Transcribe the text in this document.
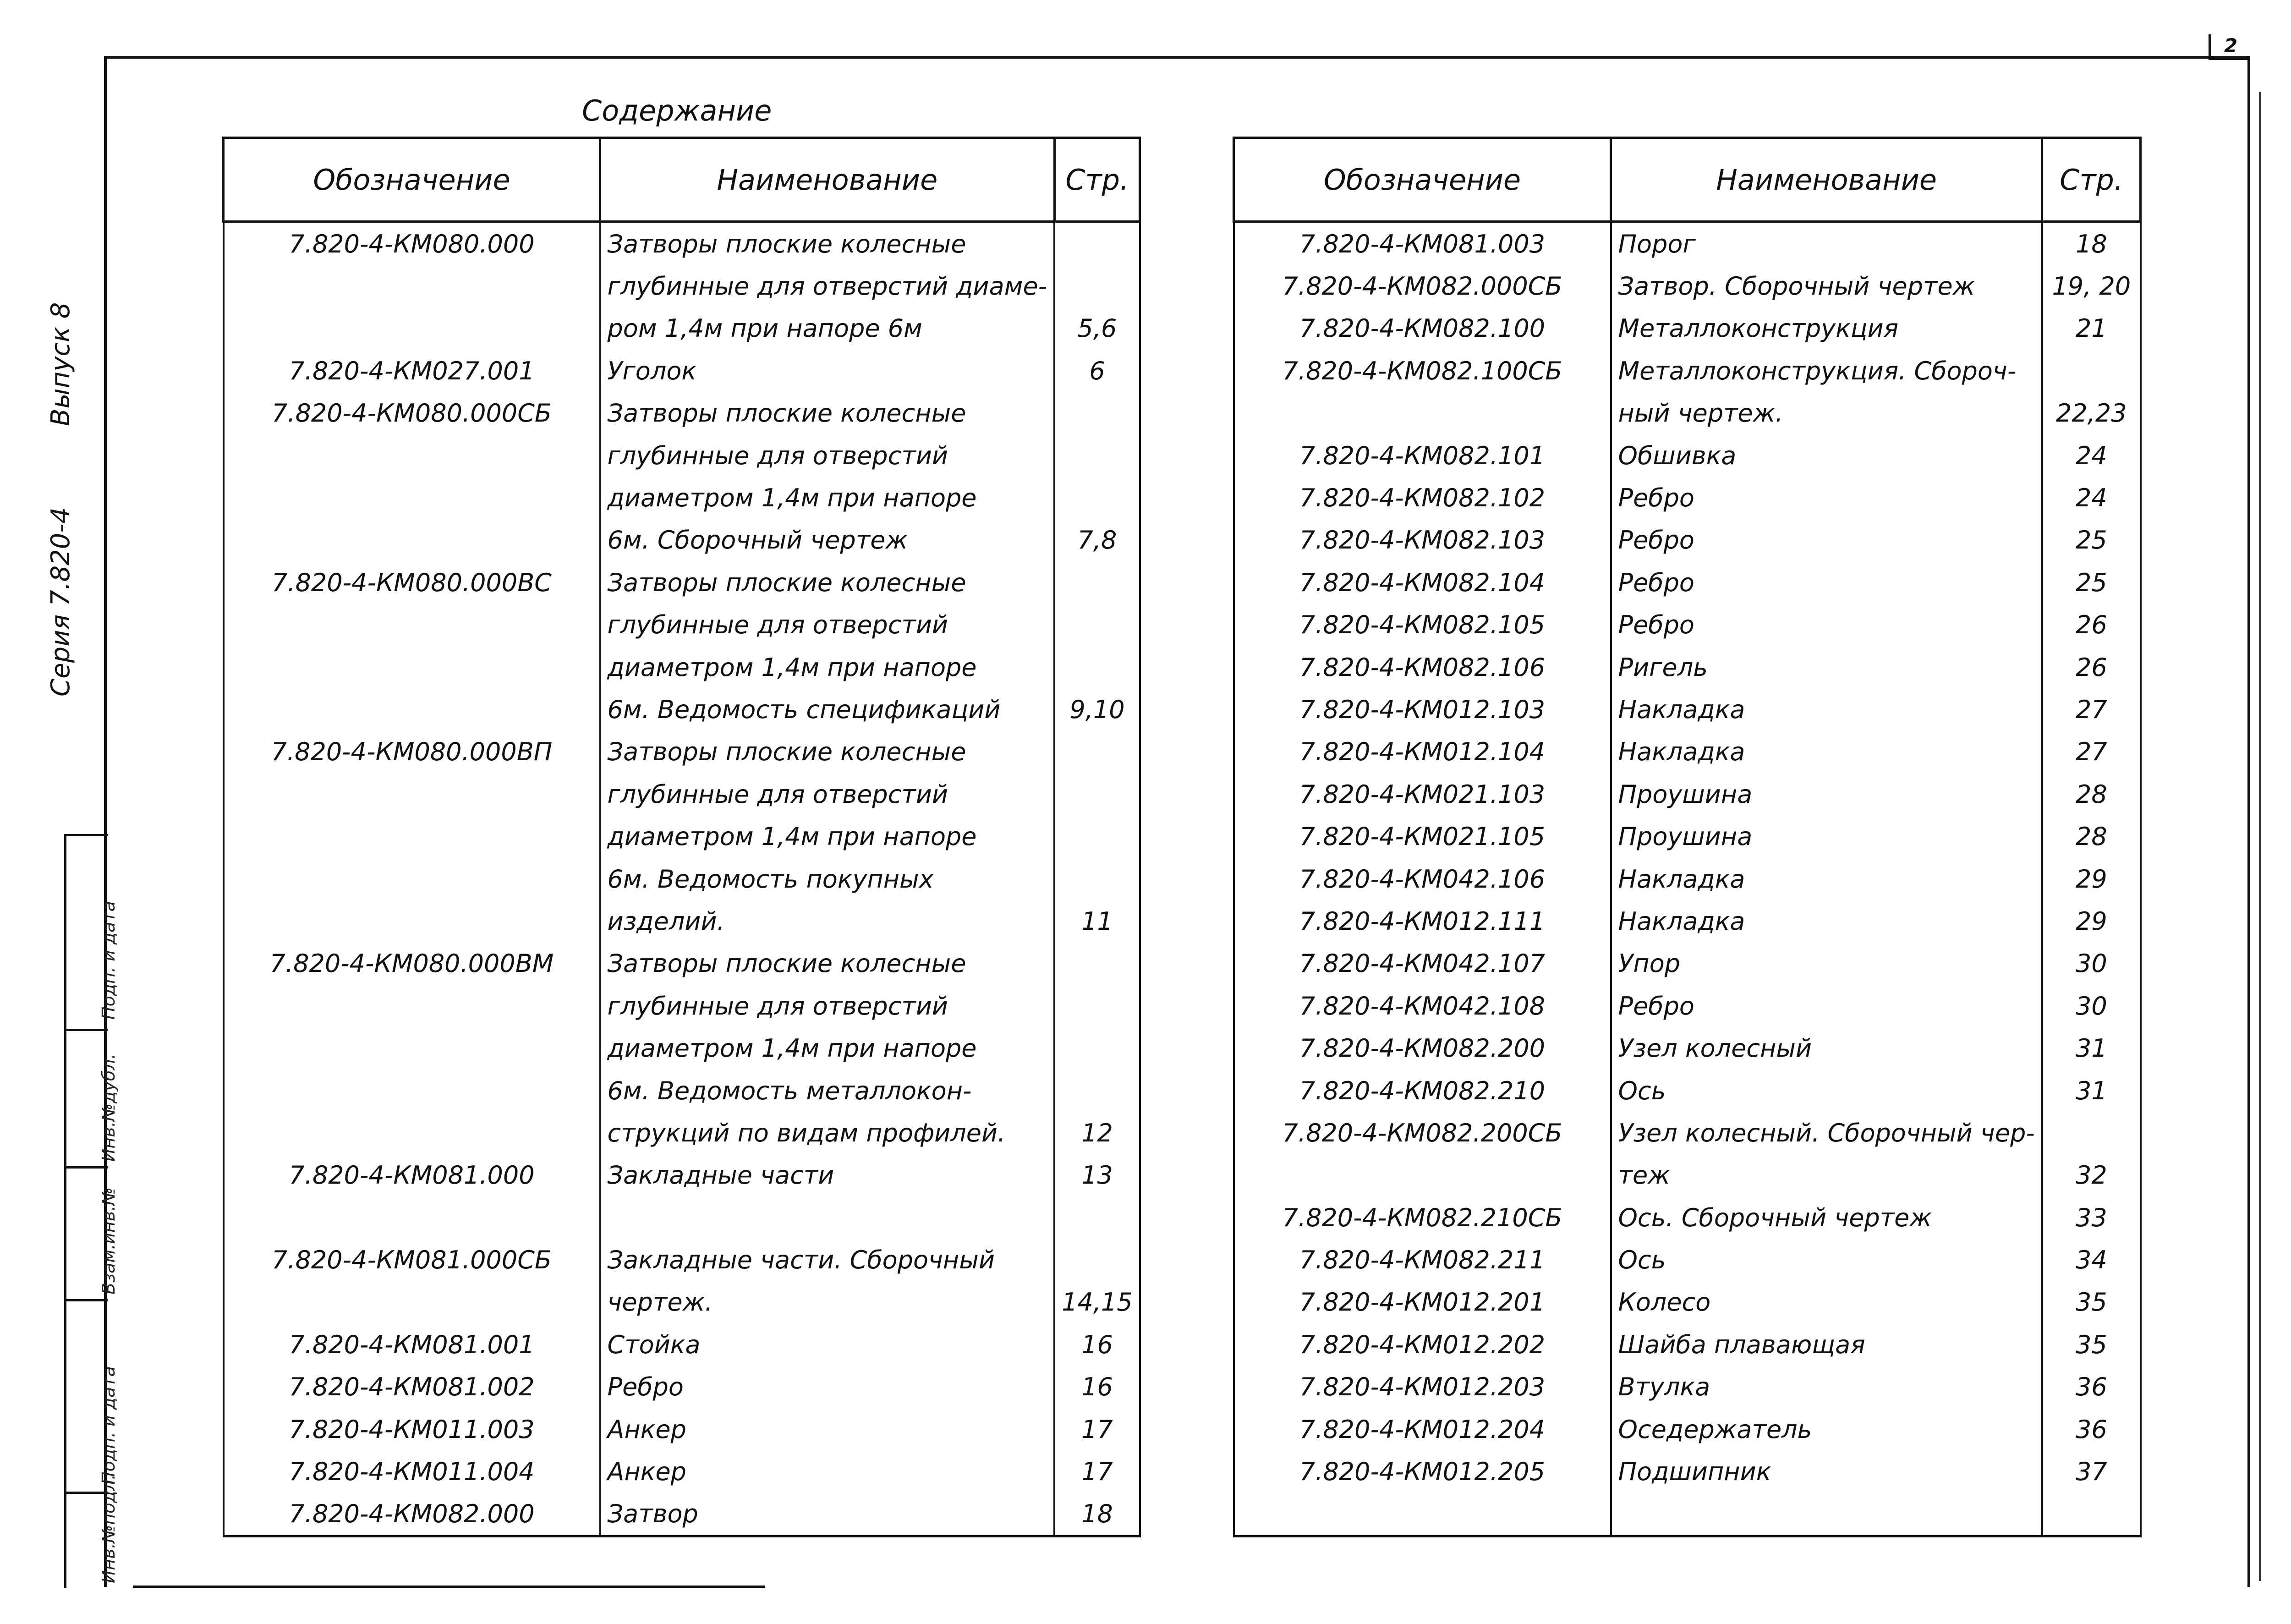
2
Серия 7.820-4
Выпуск 8
Подп. и дата
Инв.№дубл.
Взам.инв.№
Подп. и дата
Инв.№подл.
Содержание
Обозначение	Наименование	Стр.
7.820-4-КМ080.000	Затворы плоские колесные	
	глубинные для отверстий диаме-	
	ром 1,4м при напоре 6м	5,6
7.820-4-КМ027.001	Уголок	6
7.820-4-КМ080.000СБ	Затворы плоские колесные	
	глубинные для отверстий	
	диаметром 1,4м при напоре	
	6м. Сборочный чертеж	7,8
7.820-4-КМ080.000ВС	Затворы плоские колесные	
	глубинные для отверстий	
	диаметром 1,4м при напоре	
	6м. Ведомость спецификаций	9,10
7.820-4-КМ080.000ВП	Затворы плоские колесные	
	глубинные для отверстий	
	диаметром 1,4м при напоре	
	6м. Ведомость покупных	
	изделий.	11
7.820-4-КМ080.000ВМ	Затворы плоские колесные	
	глубинные для отверстий	
	диаметром 1,4м при напоре	
	6м. Ведомость металлокон-	
	струкций по видам профилей.	12
7.820-4-КМ081.000	Закладные части	13

7.820-4-КМ081.000СБ	Закладные части. Сборочный	
	чертеж.	14,15
7.820-4-КМ081.001	Стойка	16
7.820-4-КМ081.002	Ребро	16
7.820-4-КМ011.003	Анкер	17
7.820-4-КМ011.004	Анкер	17
7.820-4-КМ082.000	Затвор	18
Обозначение	Наименование	Стр.
7.820-4-КМ081.003	Порог	18
7.820-4-КМ082.000СБ	Затвор. Сборочный чертеж	19, 20
7.820-4-КМ082.100	Металлоконструкция	21
7.820-4-КМ082.100СБ	Металлоконструкция. Сбороч-	
	ный чертеж.	22,23
7.820-4-КМ082.101	Обшивка	24
7.820-4-КМ082.102	Ребро	24
7.820-4-КМ082.103	Ребро	25
7.820-4-КМ082.104	Ребро	25
7.820-4-КМ082.105	Ребро	26
7.820-4-КМ082.106	Ригель	26
7.820-4-КМ012.103	Накладка	27
7.820-4-КМ012.104	Накладка	27
7.820-4-КМ021.103	Проушина	28
7.820-4-КМ021.105	Проушина	28
7.820-4-КМ042.106	Накладка	29
7.820-4-КМ012.111	Накладка	29
7.820-4-КМ042.107	Упор	30
7.820-4-КМ042.108	Ребро	30
7.820-4-КМ082.200	Узел колесный	31
7.820-4-КМ082.210	Ось	31
7.820-4-КМ082.200СБ	Узел колесный. Сборочный чер-	
	теж	32
7.820-4-КМ082.210СБ	Ось. Сборочный чертеж	33
7.820-4-КМ082.211	Ось	34
7.820-4-КМ012.201	Колесо	35
7.820-4-КМ012.202	Шайба плавающая	35
7.820-4-КМ012.203	Втулка	36
7.820-4-КМ012.204	Оседержатель	36
7.820-4-КМ012.205	Подшипник	37
